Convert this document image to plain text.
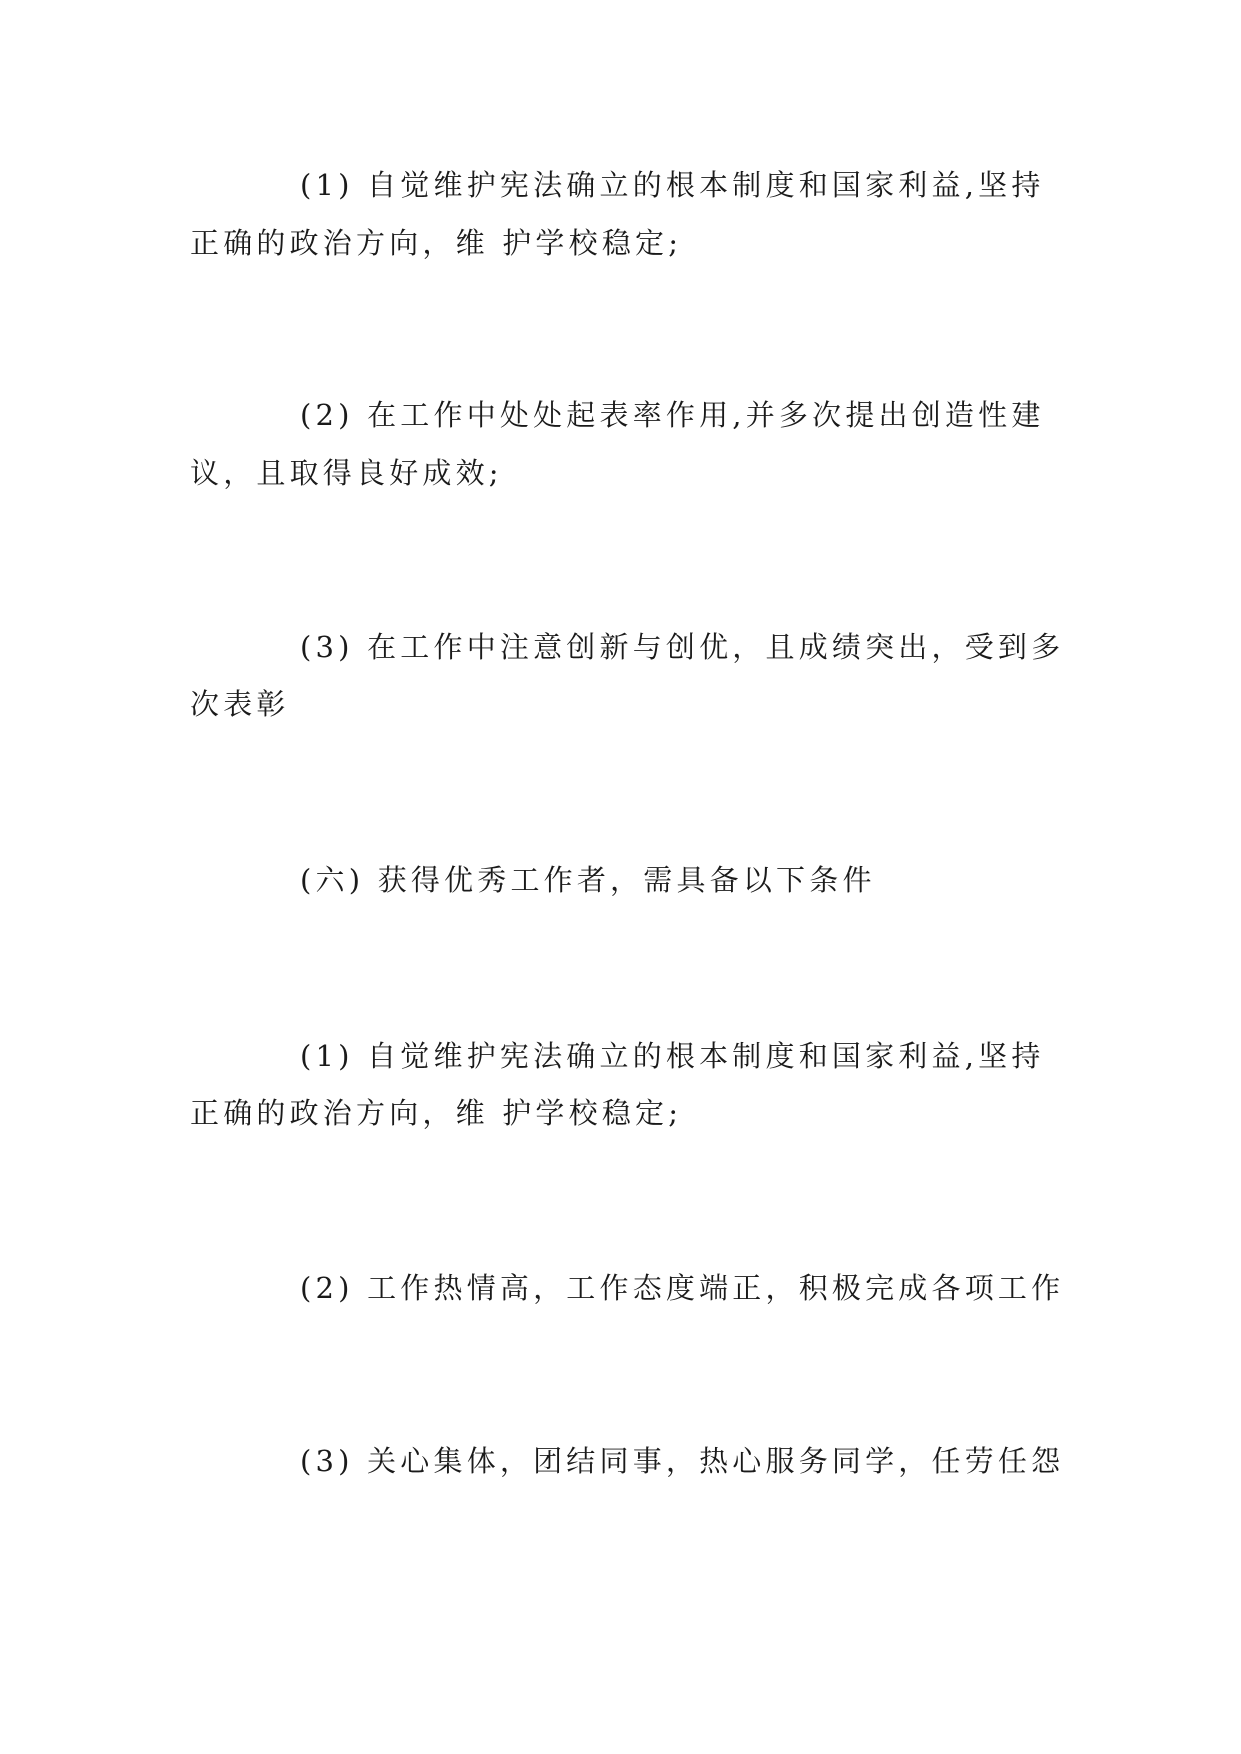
(1) 自觉维护宪法确立的根本制度和国家利益,坚持
正确的政治方向，维 护学校稳定;
(2) 在工作中处处起表率作用,并多次提出创造性建
议，且取得良好成效;
(3) 在工作中注意创新与创优，且成绩突出，受到多
次表彰
(六) 获得优秀工作者，需具备以下条件
(1) 自觉维护宪法确立的根本制度和国家利益,坚持
正确的政治方向，维 护学校稳定;
(2) 工作热情高，工作态度端正，积极完成各项工作
(3) 关心集体，团结同事，热心服务同学，任劳任怨
